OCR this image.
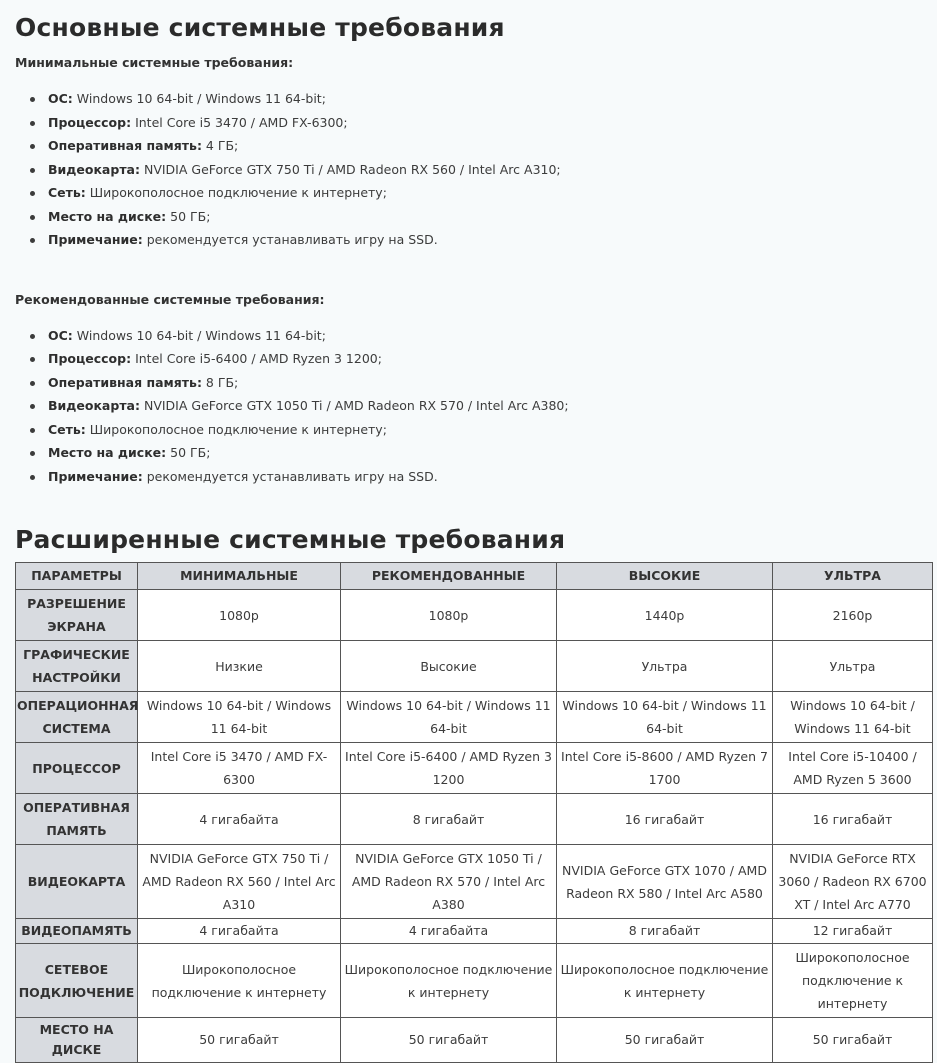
Основные системные требования

Минимальные системные требования:

ОС: Windows 10 64-bit / Windows 11 64-bit;
Процессор: Intel Core i5 3470 / AMD FX-6300;
Оперативная память: 4 ГБ;
Видеокарта: NVIDIA GeForce GTX 750 Ti / AMD Radeon RX 560 / Intel Arc A310;
Сеть: Широкополосное подключение к интернету;
Место на диске: 50 ГБ;
Примечание: рекомендуется устанавливать игру на SSD.

Рекомендованные системные требования:

ОС: Windows 10 64-bit / Windows 11 64-bit;
Процессор: Intel Core i5-6400 / AMD Ryzen 3 1200;
Оперативная память: 8 ГБ;
Видеокарта: NVIDIA GeForce GTX 1050 Ti / AMD Radeon RX 570 / Intel Arc A380;
Сеть: Широкополосное подключение к интернету;
Место на диске: 50 ГБ;
Примечание: рекомендуется устанавливать игру на SSD.
Расширенные системные требования
ПАРАМЕТРЫ	МИНИМАЛЬНЫЕ	РЕКОМЕНДОВАННЫЕ	ВЫСОКИЕ	УЛЬТРА
РАЗРЕШЕНИЕ ЭКРАНА	1080p	1080p	1440p	2160p
ГРАФИЧЕСКИЕ НАСТРОЙКИ	Низкие	Высокие	Ультра	Ультра
ОПЕРАЦИОННАЯ СИСТЕМА	Windows 10 64-bit / Windows 11 64-bit	Windows 10 64-bit / Windows 11 64-bit	Windows 10 64-bit / Windows 11 64-bit	Windows 10 64-bit / Windows 11 64-bit
ПРОЦЕССОР	Intel Core i5 3470 / AMD FX-6300	Intel Core i5-6400 / AMD Ryzen 3 1200	Intel Core i5-8600 / AMD Ryzen 7 1700	Intel Core i5-10400 / AMD Ryzen 5 3600
ОПЕРАТИВНАЯ ПАМЯТЬ	4 гигабайта	8 гигабайт	16 гигабайт	16 гигабайт
ВИДЕОКАРТА	NVIDIA GeForce GTX 750 Ti / AMD Radeon RX 560 / Intel Arc A310	NVIDIA GeForce GTX 1050 Ti / AMD Radeon RX 570 / Intel Arc A380	NVIDIA GeForce GTX 1070 / AMD Radeon RX 580 / Intel Arc A580	NVIDIA GeForce RTX 3060 / Radeon RX 6700 XT / Intel Arc A770
ВИДЕОПАМЯТЬ	4 гигабайта	4 гигабайта	8 гигабайт	12 гигабайт
СЕТЕВОЕ ПОДКЛЮЧЕНИЕ	Широкополосное подключение к интернету	Широкополосное подключение к интернету	Широкополосное подключение к интернету	Широкополосное подключение к интернету
МЕСТО НА ДИСКЕ	50 гигабайт	50 гигабайт	50 гигабайт	50 гигабайт
